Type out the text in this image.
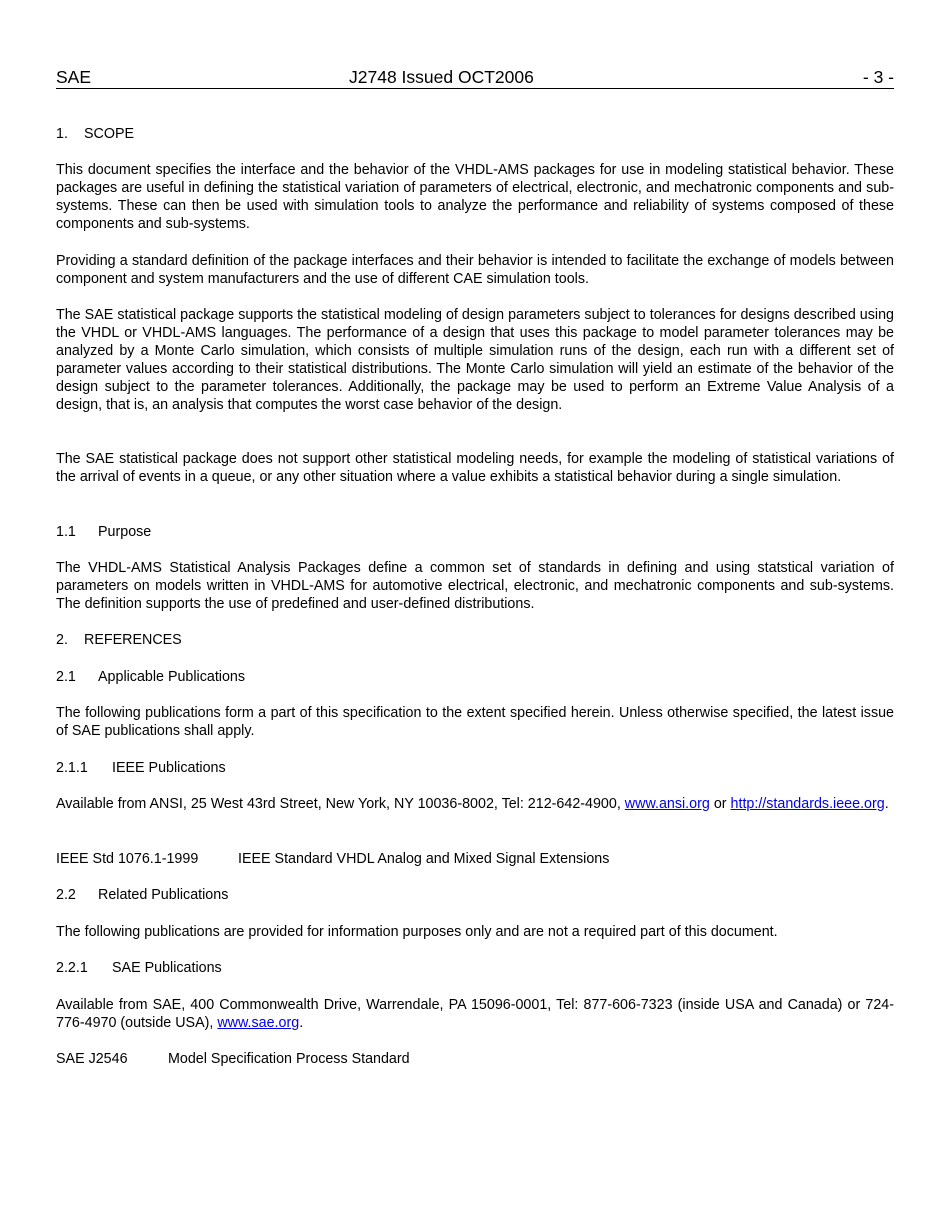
SAE	J2748 Issued OCT2006	- 3 -
1. SCOPE

This document specifies the interface and the behavior of the VHDL-AMS packages for use in modeling statistical behavior. These packages are useful in defining the statistical variation of parameters of electrical, electronic, and mechatronic components and sub-systems. These can then be used with simulation tools to analyze the performance and reliability of systems composed of these components and sub-systems.

Providing a standard definition of the package interfaces and their behavior is intended to facilitate the exchange of models between component and system manufacturers and the use of different CAE simulation tools.

The SAE statistical package supports the statistical modeling of design parameters subject to tolerances for designs described using the VHDL or VHDL-AMS languages. The performance of a design that uses this package to model parameter tolerances may be analyzed by a Monte Carlo simulation, which consists of multiple simulation runs of the design, each run with a different set of parameter values according to their statistical distributions. The Monte Carlo simulation will yield an estimate of the behavior of the design subject to the parameter tolerances. Additionally, the package may be used to perform an Extreme Value Analysis of a design, that is, an analysis that computes the worst case behavior of the design.

The SAE statistical package does not support other statistical modeling needs, for example the modeling of statistical variations of the arrival of events in a queue, or any other situation where a value exhibits a statistical behavior during a single simulation.

1.1 Purpose

The VHDL-AMS Statistical Analysis Packages define a common set of standards in defining and using statstical variation of parameters on models written in VHDL-AMS for automotive electrical, electronic, and mechatronic components and sub-systems. The definition supports the use of predefined and user-defined distributions.

2. REFERENCES
2.1 Applicable Publications

The following publications form a part of this specification to the extent specified herein. Unless otherwise specified, the latest issue of SAE publications shall apply.

2.1.1 IEEE Publications

Available from ANSI, 25 West 43rd Street, New York, NY 10036-8002, Tel: 212-642-4900, www.ansi.org or http://standards.ieee.org.

IEEE Std 1076.1-1999	IEEE Standard VHDL Analog and Mixed Signal Extensions
2.2 Related Publications

The following publications are provided for information purposes only and are not a required part of this document.

2.2.1 SAE Publications

Available from SAE, 400 Commonwealth Drive, Warrendale, PA 15096-0001, Tel: 877-606-7323 (inside USA and Canada) or 724-776-4970 (outside USA), www.sae.org.

SAE J2546	Model Specification Process Standard
